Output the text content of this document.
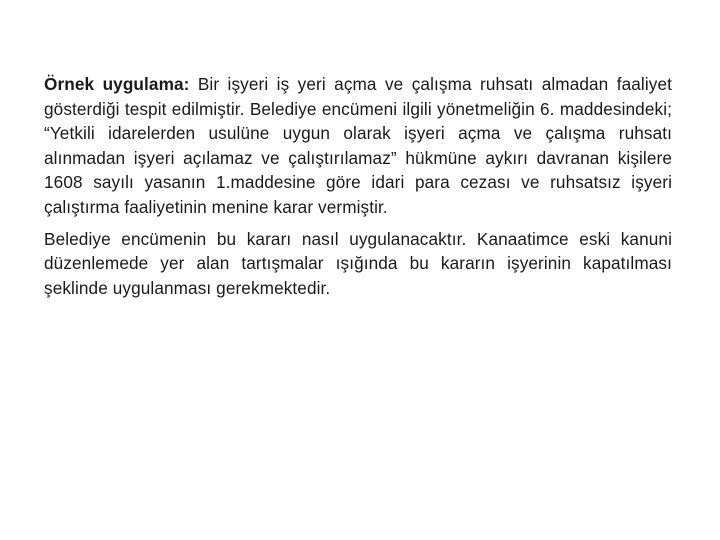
Örnek uygulama: Bir işyeri iş yeri açma ve çalışma ruhsatı almadan faaliyet gösterdiği tespit edilmiştir. Belediye encümeni ilgili yönetmeliğin 6. maddesindeki; “Yetkili idarelerden usulüne uygun olarak işyeri açma ve çalışma ruhsatı alınmadan işyeri açılamaz ve çalıştırılamaz” hükmüne aykırı davranan kişilere 1608 sayılı yasanın 1.maddesine göre idari para cezası ve ruhsatsız işyeri çalıştırma faaliyetinin menine karar vermiştir.

Belediye encümenin bu kararı nasıl uygulanacaktır. Kanaatimce eski kanuni düzenlemede yer alan tartışmalar ışığında bu kararın işyerinin kapatılması şeklinde uygulanması gerekmektedir.
